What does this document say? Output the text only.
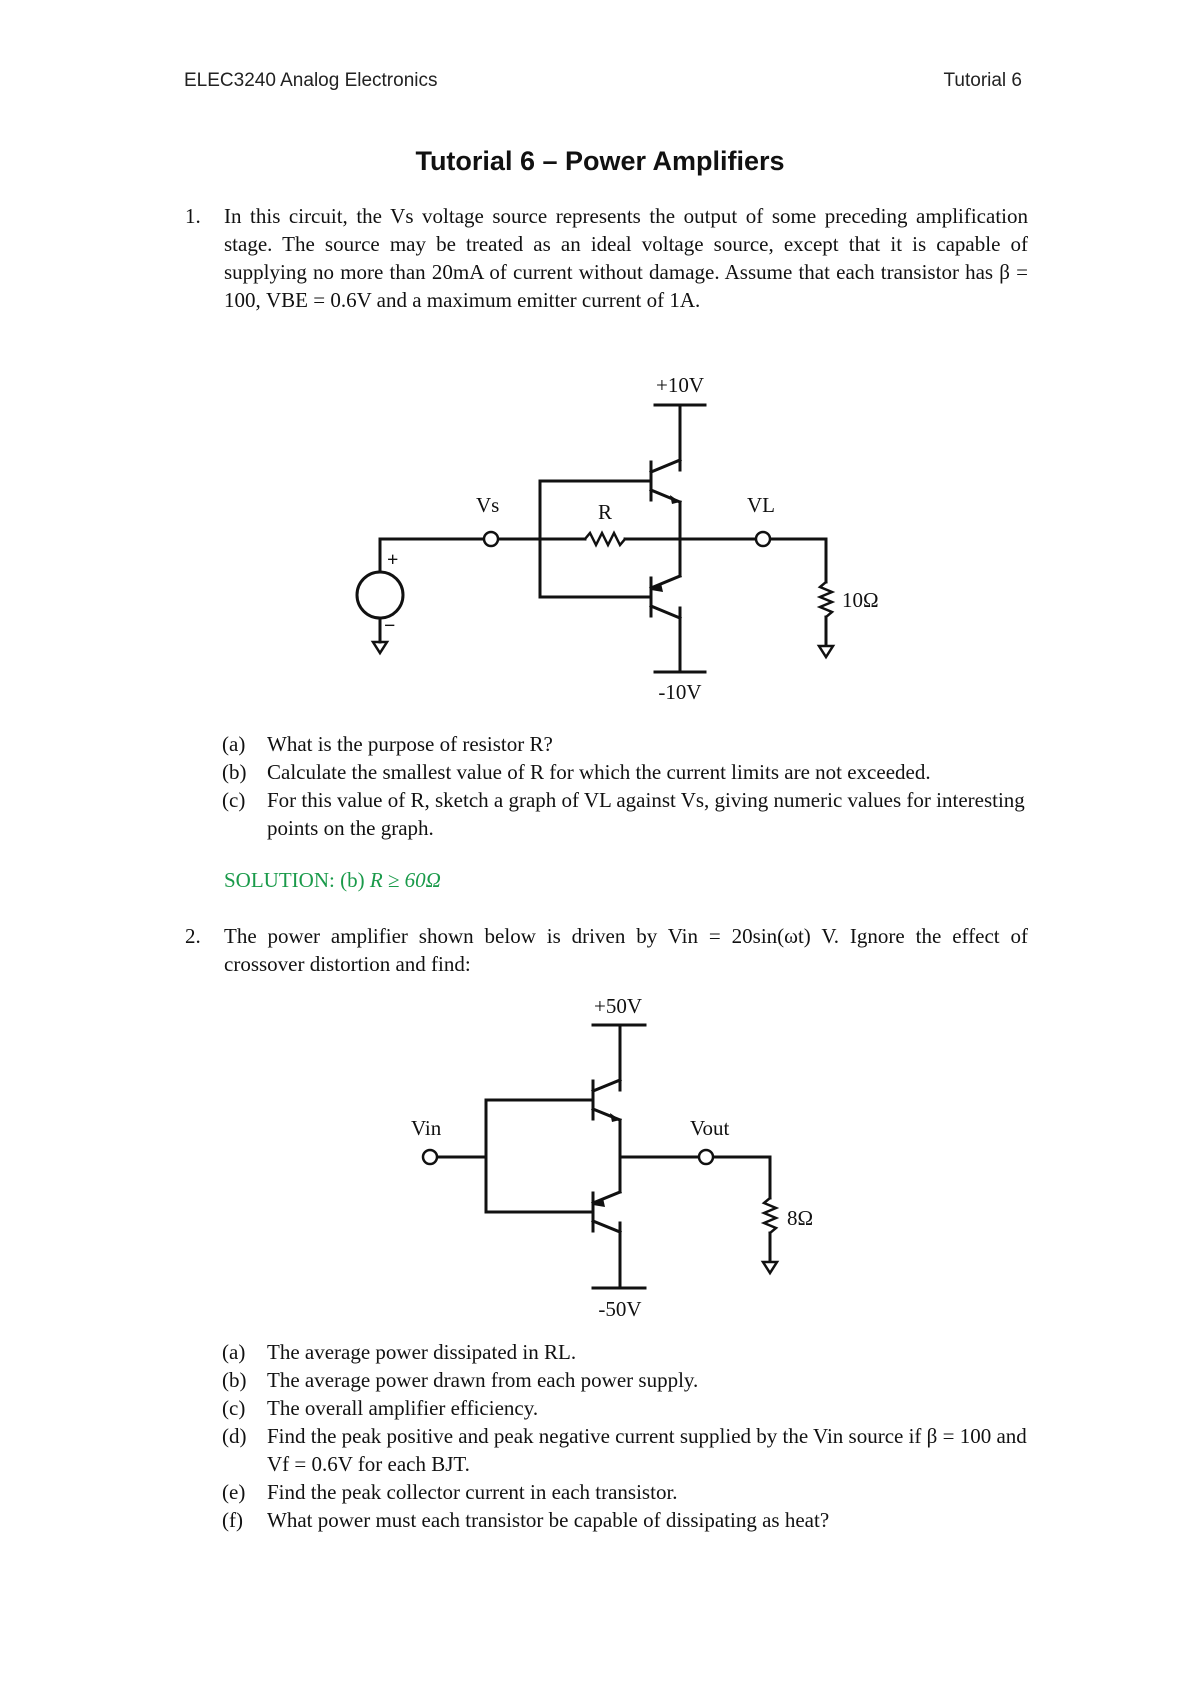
ELEC3240 Analog Electronics	Tutorial 6
Tutorial 6 – Power Amplifiers
1. In this circuit, the Vs voltage source represents the output of some preceding amplification stage. The source may be treated as an ideal voltage source, except that it is capable of supplying no more than 20mA of current without damage. Assume that each transistor has β = 100, VBE = 0.6V and a maximum emitter current of 1A.
+10V
-10V
Vs	R	VL
10Ω
+
−
(a) What is the purpose of resistor R?
(b) Calculate the smallest value of R for which the current limits are not exceeded.
(c) For this value of R, sketch a graph of VL against Vs, giving numeric values for interesting points on the graph.
SOLUTION: (b) R ≥ 60Ω
2. The power amplifier shown below is driven by Vin = 20sin(ωt) V. Ignore the effect of crossover distortion and find:
+50V
-50V
Vin	Vout
8Ω
(a) The average power dissipated in RL.
(b) The average power drawn from each power supply.
(c) The overall amplifier efficiency.
(d) Find the peak positive and peak negative current supplied by the Vin source if β = 100 and Vf = 0.6V for each BJT.
(e) Find the peak collector current in each transistor.
(f) What power must each transistor be capable of dissipating as heat?
